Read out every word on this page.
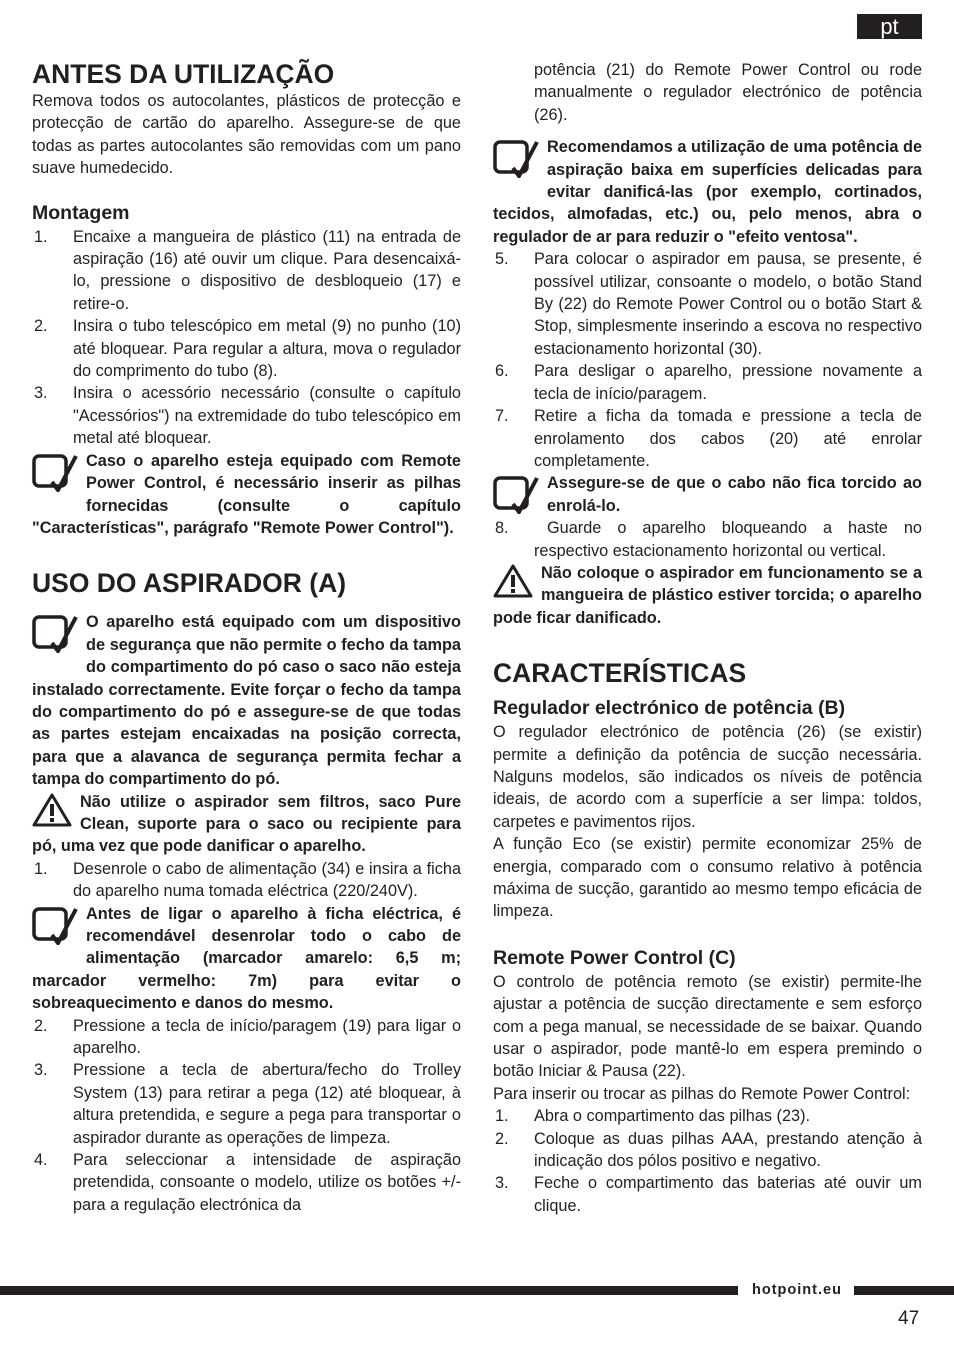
pt
ANTES DA UTILIZAÇÃO

Remova todos os autocolantes, plásticos de protecção e protecção de cartão do aparelho. Assegure-se de que todas as partes autocolantes são removidas com um pano suave humedecido.

Montagem
1. Encaixe a mangueira de plástico (11) na entrada de aspiração (16) até ouvir um clique. Para desencaixá-lo, pressione o dispositivo de desbloqueio (17) e retire-o.
2. Insira o tubo telescópico em metal (9) no punho (10) até bloquear. Para regular a altura, mova o regulador do comprimento do tubo (8).
3. Insira o acessório necessário (consulte o capítulo "Acessórios") na extremidade do tubo telescópico em metal até bloquear.
Caso o aparelho esteja equipado com Remote Power Control, é necessário inserir as pilhas fornecidas (consulte o capítulo "Características", parágrafo "Remote Power Control").
USO DO ASPIRADOR (A)
O aparelho está equipado com um dispositivo de segurança que não permite o fecho da tampa do compartimento do pó caso o saco não esteja instalado correctamente. Evite forçar o fecho da tampa do compartimento do pó e assegure-se de que todas as partes estejam encaixadas na posição correcta, para que a alavanca de segurança permita fechar a tampa do compartimento do pó.
Não utilize o aspirador sem filtros, saco Pure Clean, suporte para o saco ou recipiente para pó, uma vez que pode danificar o aparelho.
1. Desenrole o cabo de alimentação (34) e insira a ficha do aparelho numa tomada eléctrica (220/240V).
Antes de ligar o aparelho à ficha eléctrica, é recomendável desenrolar todo o cabo de alimentação (marcador amarelo: 6,5 m; marcador vermelho: 7m) para evitar o sobreaquecimento e danos do mesmo.
2. Pressione a tecla de início/paragem (19) para ligar o aparelho.
3. Pressione a tecla de abertura/fecho do Trolley System (13) para retirar a pega (12) até bloquear, à altura pretendida, e segure a pega para transportar o aspirador durante as operações de limpeza.
4. Para seleccionar a intensidade de aspiração pretendida, consoante o modelo, utilize os botões +/- para a regulação electrónica da

potência (21) do Remote Power Control ou rode manualmente o regulador electrónico de potência (26).

Recomendamos a utilização de uma potência de aspiração baixa em superfícies delicadas para evitar danificá-las (por exemplo, cortinados, tecidos, almofadas, etc.) ou, pelo menos, abra o regulador de ar para reduzir o "efeito ventosa".
5. Para colocar o aspirador em pausa, se presente, é possível utilizar, consoante o modelo, o botão Stand By (22) do Remote Power Control ou o botão Start & Stop, simplesmente inserindo a escova no respectivo estacionamento horizontal (30).
6. Para desligar o aparelho, pressione novamente a tecla de início/paragem.
7. Retire a ficha da tomada e pressione a tecla de enrolamento dos cabos (20) até enrolar completamente.
Assegure-se de que o cabo não fica torcido ao enrolá-lo.
8. Guarde o aparelho bloqueando a haste no respectivo estacionamento horizontal ou vertical.
Não coloque o aspirador em funcionamento se a mangueira de plástico estiver torcida; o aparelho pode ficar danificado.
CARACTERÍSTICAS
Regulador electrónico de potência (B)

O regulador electrónico de potência (26) (se existir) permite a definição da potência de sucção necessária. Nalguns modelos, são indicados os níveis de potência ideais, de acordo com a superfície a ser limpa: toldos, carpetes e pavimentos rijos.

A função Eco (se existir) permite economizar 25% de energia, comparado com o consumo relativo à potência máxima de sucção, garantido ao mesmo tempo eficácia de limpeza.

Remote Power Control (C)

O controlo de potência remoto (se existir) permite-lhe ajustar a potência de sucção directamente e sem esforço com a pega manual, se necessidade de se baixar. Quando usar o aspirador, pode mantê-lo em espera premindo o botão Iniciar & Pausa (22).

Para inserir ou trocar as pilhas do Remote Power Control:

1. Abra o compartimento das pilhas (23).
2. Coloque as duas pilhas AAA, prestando atenção à indicação dos pólos positivo e negativo.
3. Feche o compartimento das baterias até ouvir um clique.
hotpoint.eu
47
